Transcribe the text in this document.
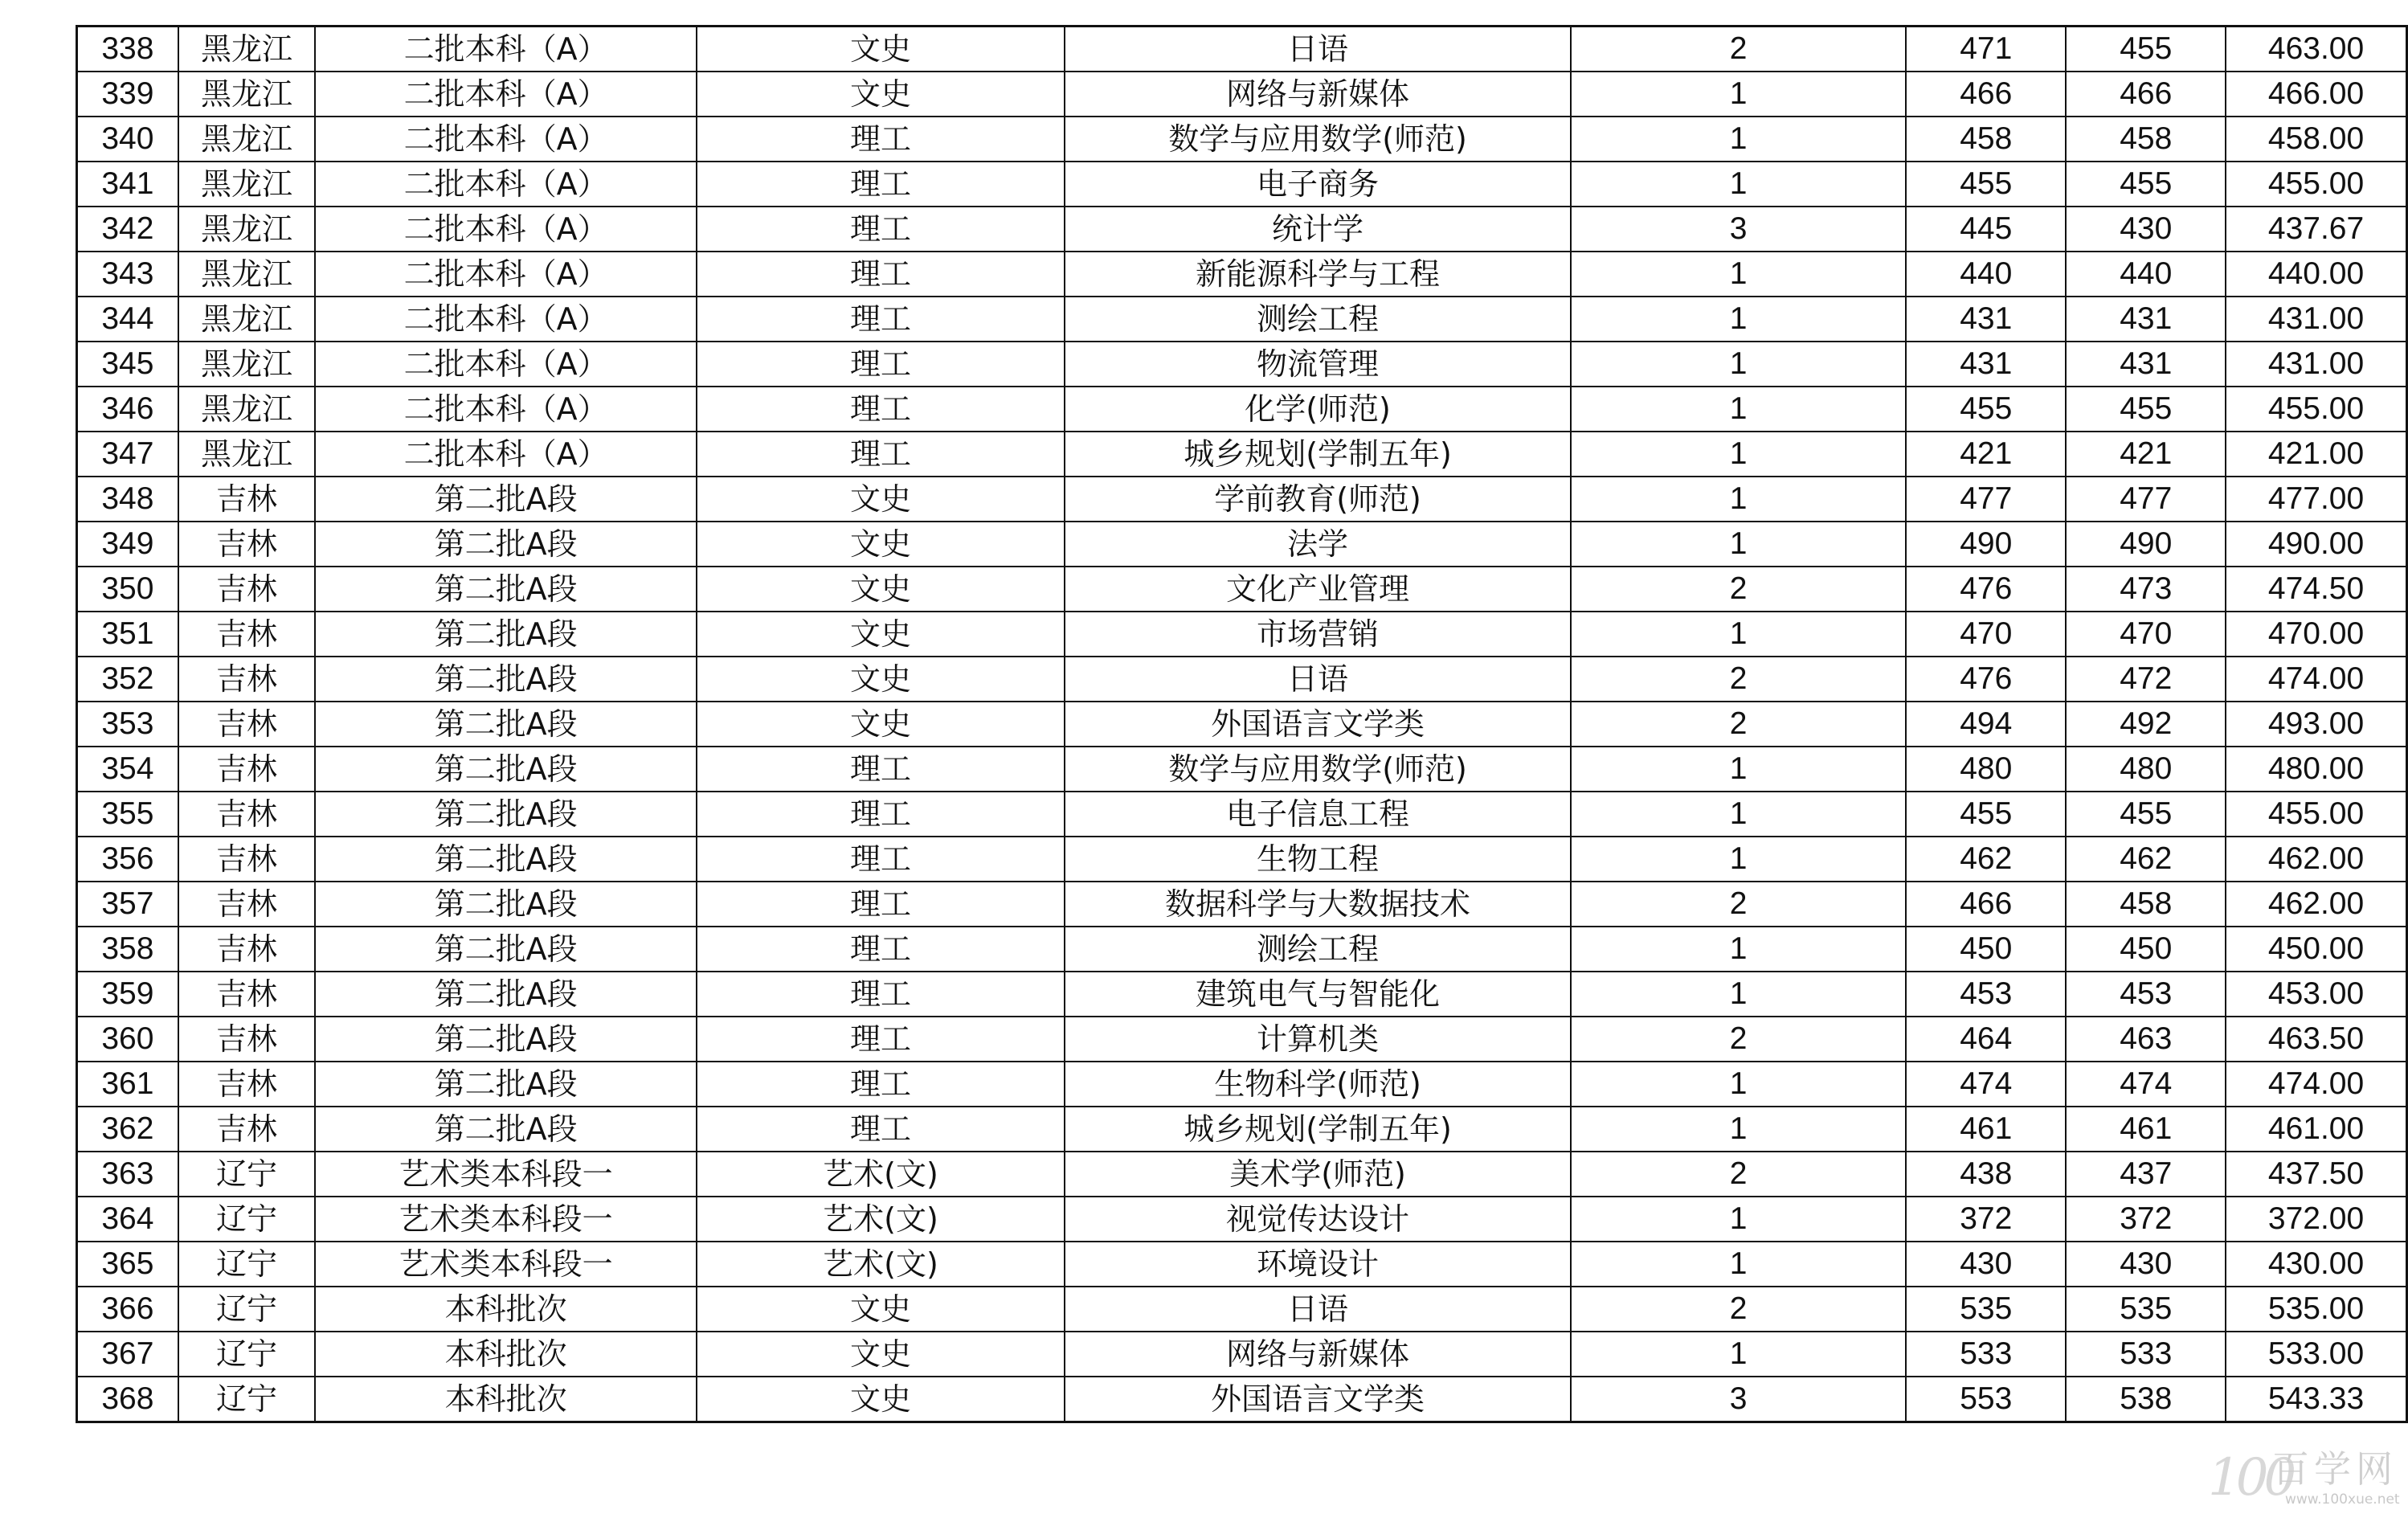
338	黑龙江	二批本科（A）	文史	日语	2	471	455	463.00
339	黑龙江	二批本科（A）	文史	网络与新媒体	1	466	466	466.00
340	黑龙江	二批本科（A）	理工	数学与应用数学(师范)	1	458	458	458.00
341	黑龙江	二批本科（A）	理工	电子商务	1	455	455	455.00
342	黑龙江	二批本科（A）	理工	统计学	3	445	430	437.67
343	黑龙江	二批本科（A）	理工	新能源科学与工程	1	440	440	440.00
344	黑龙江	二批本科（A）	理工	测绘工程	1	431	431	431.00
345	黑龙江	二批本科（A）	理工	物流管理	1	431	431	431.00
346	黑龙江	二批本科（A）	理工	化学(师范)	1	455	455	455.00
347	黑龙江	二批本科（A）	理工	城乡规划(学制五年)	1	421	421	421.00
348	吉林	第二批A段	文史	学前教育(师范)	1	477	477	477.00
349	吉林	第二批A段	文史	法学	1	490	490	490.00
350	吉林	第二批A段	文史	文化产业管理	2	476	473	474.50
351	吉林	第二批A段	文史	市场营销	1	470	470	470.00
352	吉林	第二批A段	文史	日语	2	476	472	474.00
353	吉林	第二批A段	文史	外国语言文学类	2	494	492	493.00
354	吉林	第二批A段	理工	数学与应用数学(师范)	1	480	480	480.00
355	吉林	第二批A段	理工	电子信息工程	1	455	455	455.00
356	吉林	第二批A段	理工	生物工程	1	462	462	462.00
357	吉林	第二批A段	理工	数据科学与大数据技术	2	466	458	462.00
358	吉林	第二批A段	理工	测绘工程	1	450	450	450.00
359	吉林	第二批A段	理工	建筑电气与智能化	1	453	453	453.00
360	吉林	第二批A段	理工	计算机类	2	464	463	463.50
361	吉林	第二批A段	理工	生物科学(师范)	1	474	474	474.00
362	吉林	第二批A段	理工	城乡规划(学制五年)	1	461	461	461.00
363	辽宁	艺术类本科段一	艺术(文)	美术学(师范)	2	438	437	437.50
364	辽宁	艺术类本科段一	艺术(文)	视觉传达设计	1	372	372	372.00
365	辽宁	艺术类本科段一	艺术(文)	环境设计	1	430	430	430.00
366	辽宁	本科批次	文史	日语	2	535	535	535.00
367	辽宁	本科批次	文史	网络与新媒体	1	533	533	533.00
368	辽宁	本科批次	文史	外国语言文学类	3	553	538	543.33
100
百学网
www.100xue.net
